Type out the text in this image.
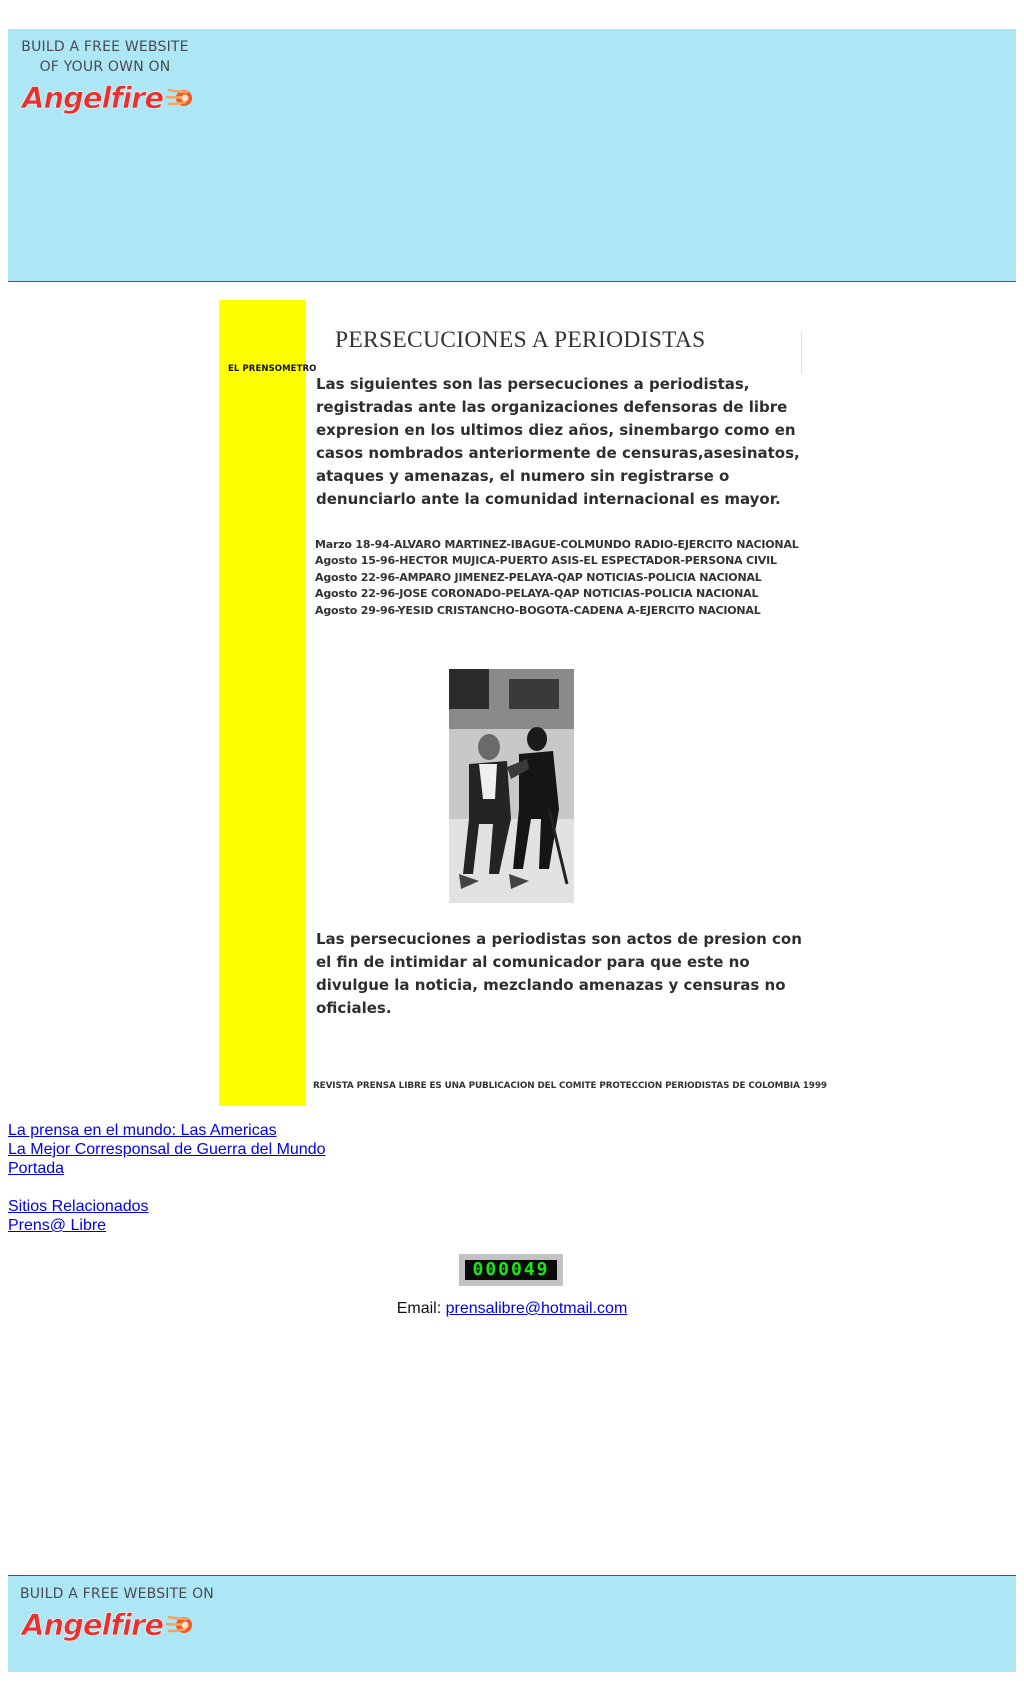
BUILD A FREE WEBSITE
OF YOUR OWN ON
Angelfire
EL PRENSOMETRO
PERSECUCIONES A PERIODISTAS
Las siguientes son las persecuciones a periodistas, registradas ante las organizaciones defensoras de libre expresion en los ultimos diez años, sinembargo como en casos nombrados anteriormente de censuras,asesinatos, ataques y amenazas, el numero sin registrarse o denunciarlo ante la comunidad internacional es mayor.
Marzo 18-94-ALVARO MARTINEZ-IBAGUE-COLMUNDO RADIO-EJERCITO NACIONAL
Agosto 15-96-HECTOR MUJICA-PUERTO ASIS-EL ESPECTADOR-PERSONA CIVIL
Agosto 22-96-AMPARO JIMENEZ-PELAYA-QAP NOTICIAS-POLICIA NACIONAL
Agosto 22-96-JOSE CORONADO-PELAYA-QAP NOTICIAS-POLICIA NACIONAL
Agosto 29-96-YESID CRISTANCHO-BOGOTA-CADENA A-EJERCITO NACIONAL
Las persecuciones a periodistas son actos de presion con el fin de intimidar al comunicador para que este no divulgue la noticia, mezclando amenazas y censuras no oficiales.
REVISTA PRENSA LIBRE ES UNA PUBLICACION DEL COMITE PROTECCION PERIODISTAS DE COLOMBIA 1999
La prensa en el mundo: Las Americas
La Mejor Corresponsal de Guerra del Mundo
Portada
Sitios Relacionados
Prens@ Libre
000049
Email: prensalibre@hotmail.com
BUILD A FREE WEBSITE ON
Angelfire
